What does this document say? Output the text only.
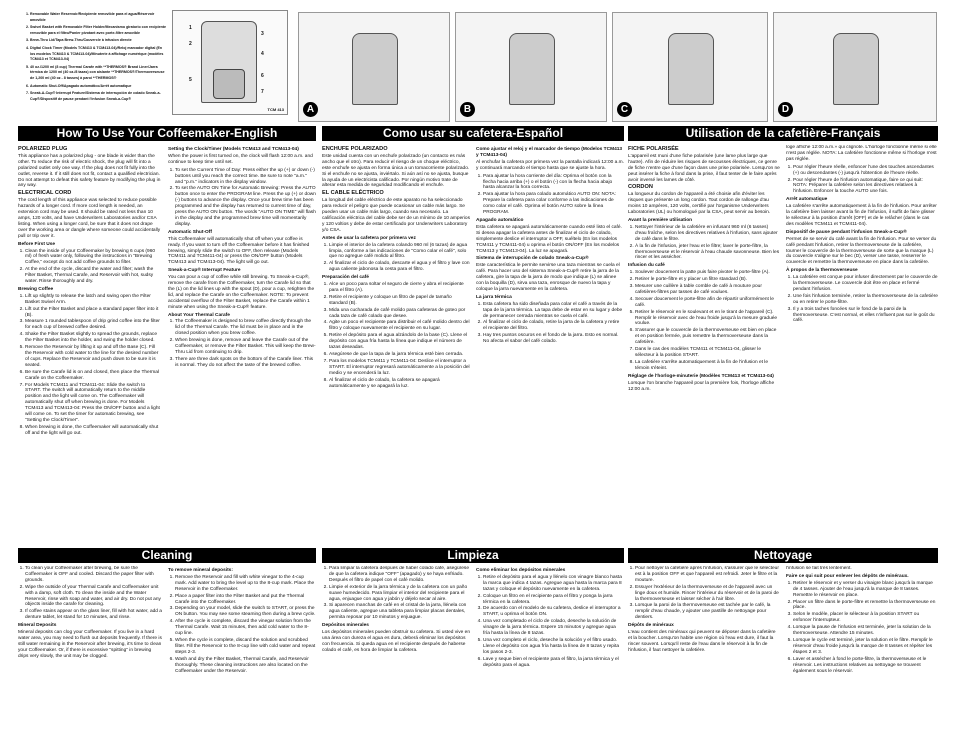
1. Removable Water Reservoir/Recipiente removible para el agua/Réservoir amovible
2. Swivel Basket with Removable Filter Holder/Mecanismo giratorio con recipiente removible para el filtro/Panier pivotant avec porte-filtre amovible
3. Brew-Thru Lid/Tapa Brew-Thru/Couvercle à infusion directe
4. Digital Clock Timer (Models TCM413 & TCM413-04)/Reloj marcador digital (En los modelos TCM413 & TCM413-04)/Minuterie à affichage numérique (modèles TCM413 et TCM413-04)
5. 40 oz./1200 ml (8 cup) Thermal Carafe with **THERMOS® Brand Liner/Jarra térmica de 1200 ml (40 oz./8 tazas) con aislante **THERMOS®/Thermoverseuse de 1,200 ml (40 oz - 8 tasses) à paroi **THERMOS®
6. Automatic Shut-Off/Apagado automático/Arrêt automatique
7. Sneak-A-Cup® Interrupt Feature/Sistema de interrupción de colado Sneak-a-Cup®/Dispositif de pause pendant l'infusion Sneak-a-Cup®
1
2
3
4
5
6
7
TCM 413	A	B	C	D
How To Use Your Coffeemaker-English	Como usar su cafetera-Español	Utilisation de la cafetière-Français
Cleaning	Limpieza	Nettoyage
POLARIZED PLUG

This appliance has a polarized plug - one blade is wider than the other. To reduce the risk of electric shock, the plug will fit into a polarized outlet only one way. If the plug does not fit fully into the outlet, reverse it. If it still does not fit, contact a qualified electrician. Do not attempt to defeat this safety feature by modifying the plug in any way.

ELECTRICAL CORD

The cord length of this appliance was selected to reduce possible hazards of a longer cord. If more cord length is needed, an extension cord may be used. It should be rated not less than 10 amps, 120 volts, and have Underwriters Laboratories and/or CSA listing. When using a longer cord, be sure that it does not drape over the working area or dangle where someone could accidentally pull or trip over it.

Before First Use
1. Clean the inside of your Coffeemaker by brewing 6 cups (960 ml) of fresh water only, following the instructions in "Brewing Coffee," except do not add coffee grounds to filter.
2. At the end of the cycle, discard the water and filter; wash the Filter Basket, Thermal Carafe, and Reservoir with hot, sudsy water. Rinse thoroughly and dry.
Brewing Coffee
1. Lift up slightly to release the latch and swing open the Filter Basket Swivel Arm.
2. Lift out the Filter Basket and place a standard paper filter into it (B).
3. Measure 1 rounded tablespoon of drip grind coffee into the filter for each cup of brewed coffee desired.
4. Shake the Filter Basket slightly to spread the grounds, replace the Filter Basket into the holder, and swing the holder closed.
5. Remove the Reservoir by lifting it up and off the Base (C). Fill the Reservoir with cold water to the line for the desired number of cups. Replace the Reservoir and push down to be sure it is seated.
6. Be sure the Carafe lid is on and closed, then place the Thermal Carafe on the Coffeemaker.
7. For Models TCM411 and TCM411-04: Slide the switch to START. The switch will automatically return to the middle position and the light will come on. The Coffeemaker will automatically shut off when brewing is done. For Models TCM413 and TCM413-04: Press the ON/OFF button and a light will come on. To set the timer for automatic brewing, see "Setting the Clock/Timer".
8. When brewing is done, the Coffeemaker will automatically shut off and the light will go out.
Setting the Clock/Timer (Models TCM413 and TCM413-04)

When the power is first turned on, the clock will flash 12:00 a.m. and continue to keep time until set.

1. To set the Current Time of Day: Press either the up (+) or down (-) buttons until you reach the correct time. Be sure to note "a.m." and "p.m." indicators in the display window.
2. To set the AUTO ON Time for Automatic Brewing: Press the AUTO button once to enter the PROGRAM line. Press the up (+) or down (-) buttons to advance the display. Once your brew time has been programmed and the display has returned to current time of day, press the AUTO ON button. The words "AUTO ON TIME" will flash in the display and the programmed brew time will momentarily display.
Automatic Shut-Off

This Coffeemaker will automatically shut off when your coffee is ready. If you want to turn off the Coffeemaker before it has finished brewing, simply slide the switch to OFF, then release (Models TCM411 and TCM411-04) or press the ON/OFF button (Models TCM413 and TCM413-04). The light will go out.

Sneak-a-Cup® Interrupt Feature

You can pour a cup of coffee while still brewing. To Sneak-a-Cup®, remove the carafe from the Coffeemaker, turn the Carafe lid so that the (L) on the lid lines up with the spout (D), pour a cup, retighten the lid, and replace the Carafe on the Coffeemaker. NOTE: To prevent accidental overflow of the Filter Basket, replace the Carafe within 1 minute when using the Sneak-a-Cup® feature.

About Your Thermal Carafe
1. The Coffeemaker is designed to brew coffee directly through the lid of the Thermal Carafe. The lid must be in place and in the closed position when you brew coffee.
2. When brewing is done, remove and leave the Carafe out of the Coffeemaker, or remove the Filter Basket. This will keep the Brew-Thru Lid from continuing to drip.
3. There are three dark spots on the bottom of the Carafe liner. This is normal. They do not affect the taste of the brewed coffee.
ENCHUFE POLARIZADO

Este unidad cuenta con un enchufe polarizado (un contacto es más ancho que el otro). Para reducir el riesgo de un choque eléctrico, este enchufe se ajusta en forma única a un tomacorriente polarizado. Si el enchufe no se ajusta, inviértalo. Si aún así no se ajusta, busque la ayuda de un electricista calificado. Por ningún motivo trate de alterar esta medida de seguridad modificando el enchufe.

EL CABLE ELÉCTRICO

La longitud del cable eléctrico de este aparato no ha seleccionado para reducir el peligro que puede ocasionar un cable más largo. Se pueden usar un cable más largo, cuando sea necesario. La calificación eléctrica del cable debe ser de un mínimo de 10 amperios y 120 voltios y debe de estar certificado por Underwriters Laboratory y/o CSA.

Antes de usar la cafetera por primera vez
1. Limpie el interior de la cafetera colando 960 ml (6 tazas) de agua limpia, conforme a las indicaciones de "Como colar el café", solo que no agregue café molido al filtro.
2. Al finalizar el ciclo de colado, descarte el agua y el filtro y lave con agua caliente jabonosa la cesta para el filtro.
Preparación del café
1. Alce un poco para soltar el seguro de cierre y abra el recipiente para el filtro (A).
2. Retire el recipiente y coloque un filtro de papel de tamaño standard (B).
3. Mida una cucharada de café molido para cafeteras de goteo por cada taza de café colado que desee.
4. Agite un poco el recipiente para distribuir el café molido dentro del filtro y coloque nuevamente el recipiente en su lugar.
5. Retire el depósito para el agua alzándolo de la base (C). Llene el depósito con agua fría hasta la línea que indique el número de tazas deseadas.
6. Asegúrese de que la tapa de la jarra térmica esté bien cerrada.
7. Para los modelos TCM411 y TCM411-04: Deslice el interruptor a START. El interruptor regresará automáticamente a la posición del medio y se encenderá la luz.
8. Al finalizar el ciclo de colado, la cafetera se apagará automáticamente y se apagará la luz.
Como ajustar el reloj y el marcador de tiempo (Modelos TCM413 y TCM413-04)

Al enchufar la cafetera por primera vez la pantalla indicará 12:00 a.m. y continuará marcando el tiempo hasta que se ajuste la hora.

1. Para ajustar la hora corriente del día: Oprima el botón con la flecha hacia arriba (+) o el botón (-) con la flecha hacia abajo hasta alcanzar la hora correcta.
2. Para ajustar la hora para colado automático AUTO ON: NOTA: Prepare la cafetera para colar conforme a las indicaciones de como colar el café. Oprima el botón AUTO sobre la línea PROGRAM.
Apagado automático

Esta cafetera se apagará automáticamente cuando esté listo el café. Si desea apagar la cafetera antes de finalizar el ciclo de colado, simplemente deslice el interruptor a OFF, suéltelo (En los modelos TCM411 y TCM411-04) u oprima el botón ON/OFF (En los modelos TCM413 y TCM413-04). La luz se apagará.

Sistema de interrupción de colado Sneak-a-Cup®

Este característica le permite servirse una taza mientras se cuela el café. Para hacer uso del sistema Sneak-a-Cup® retire la jarra de la cafetera, gire la tapa de la jarra de modo que indique (L) se alinee con la boquilla (D), sirva una taza, enrosque de nuevo la tapa y coloque la jarra nuevamente en la cafetera.

La jarra térmica
1. Esta cafetera ha sido diseñada para colar el café a través de la tapa de la jarra térmica. La tapa debe de estar en su lugar y debe de permanecer cerrada mientras se cuela el café.
2. Al finalizar el ciclo de colado, retire la jarra de la cafetera y retire el recipiente del filtro.
3. Hay tres puntos oscuros en el fondo de la jarra. Esto es normal. No afecta el sabor del café colado.
FICHE POLARISÉE

L'appareil est muni d'une fiche polarisée (une lame plus large que l'autre). Afin de réduire les risques de secousses électriques, ce genre de fiche n'entre que d'une façon dans une prise polarisée. Lorsqu'on ne peut insérer la fiche à fond dans la prise, il faut tenter de le faire après avoir inversé les lames de côté.

CORDON

La longueur du cordon de l'appareil a été choisie afin d'éviter les risques que présente un long cordon. Tout cordon de rallonge d'au moins 10 ampères, 120 volts, certifié par l'organisme Underwriters Laboratories (UL) ou homologué par la CSA, peut servir au besoin.

Avant la première utilisation
1. Nettoyer l'intérieur de la cafetière en infusant 960 ml (6 tasses) d'eau fraîche, selon les directives relatives à l'infusion, sans ajouter de café dans le filtre.
2. À la fin de l'infusion, jeter l'eau et le filtre; laver le porte-filtre, la thermoverseuse et le réservoir à l'eau chaude savonneuse. Bien les rincer et les assécher.
Infusion du café
1. Soulever doucement la patte puis faire pivoter le porte-filtre (A).
2. Retirer le porte-filtre et y placer un filtre standard (B).
3. Mesurer une cuillère à table comble de café à mouture pour cafetières-filtres par tasses de café voulues.
4. Secouer doucement le porte-filtre afin de répartir uniformément le café.
5. Retirer le réservoir en le soulevant et en le tirant de l'appareil (C). Remplir le réservoir avec de l'eau froide jusqu'à la mesure graduée voulue.
6. S'assurer que le couvercle de la thermoverseuse est bien en place et en position fermée, puis remettre la thermoverseuse dans la cafetière.
7. Dans le cas des modèles TCM411 et TCM411-04, glisser le sélecteur à la position START.
8. La cafetière s'arrête automatiquement à la fin de l'infusion et le témoin s'éteint.
Réglage de l'horloge-minuterie (Modèles TCM413 et TCM413-04)

Lorsque l'on branche l'appareil pour la première fois, l'horloge affiche 12:00 a.m.

loge affiche 12:00 a.m.» qui clignote. L'horloge fonctionne même si elle n'est pas réglée. NOTA: La cafetière fonctionne même si l'horloge n'est pas réglée.

1. Pour régler l'heure réelle, enfoncer l'une des touches ascendantes (+) ou descendantes (-) jusqu'à l'obtention de l'heure réelle.
2. Pour régler l'heure de l'infusion automatique, faire ce qui suit: NOTA: Préparer la cafetière selon les directives relatives à l'infusion. Enfoncer la touche AUTO une fois.
Arrêt automatique

La cafetière s'arrête automatiquement à la fin de l'infusion. Pour arrêter la cafetière bien laisser avant la fin de l'infusion, il suffit de faire glisser le sélecteur à la position d'arrêt (OFF) et de le relâcher (dans le cas des modèles TCM411 et TCM411-04).

Dispositif de pause pendant l'infusion Sneak-a-Cup®

Permet de se servir du café avant la fin de l'infusion. Pour se verser du café pendant l'infusion, retirer la thermoverseuse de la cafetière, tourner le couvercle de la thermoverseuse de sorte que la marque (L) du couvercle s'aligne sur le bec (D), verser une tasse, resserrer le couvercle et remettre la thermoverseuse en place dans la cafetière.

À propos de la thermoverseuse
1. La cafetière est conçue pour infuser directement par le couvercle de la thermoverseuse. Le couvercle doit être en place et fermé pendant l'infusion.
2. Une fois l'infusion terminée, retirer la thermoverseuse de la cafetière ou en retirer le porte-filtre.
3. Il y a trois taches foncées sur le fond de la paroi de la thermoverseuse. C'est normal, et elles n'influent pas sur le goût du café.
1. To clean your Coffeemaker after brewing, be sure the Coffeemaker is OFF and cooled. Discard the paper filter with grounds.
2. Wipe the outside of your Thermal Carafe and Coffeemaker unit with a damp, soft cloth. To clean the inside and the Water Reservoir, rinse with soap and water, and air dry. Do not put any objects inside the carafe for cleaning.
3. If coffee stains appear on the glass liner, fill with hot water, add a denture tablet, let stand for 10 minutes, and rinse.
Mineral Deposits

Mineral deposits can clog your Coffeemaker. If you live in a hard water area, you may need to flush out deposits frequently. If there is still water remaining in the Reservoir after brewing, it's time to clean your Coffeemaker. Or, if there is excessive "spitting" in brewing drips very slowly, the unit may be clogged.

To remove mineral deposits:
1. Remove the Reservoir and fill with white vinegar to the 4-cup mark. Add water to bring the level up to the 8-cup mark. Place the Reservoir in the Coffeemaker.
2. Place a paper filter into the Filter Basket and put the Thermal Carafe into the Coffeemaker.
3. Depending on your model, slide the switch to START, or press the ON button. You may see some steaming then during a brew cycle.
4. After the cycle is complete, discard the vinegar solution from the Thermal Carafe. Wait 15 minutes, then add cold water to the 8-cup line.
5. When the cycle is complete, discard the solution and scrubbed filter. Fill the Reservoir to the 8-cup line with cold water and repeat steps 2-3.
6. Wash and dry the Filter Basket, Thermal Carafe, and Reservoir thoroughly. These cleaning instructions are also located on the Coffeemaker under the Reservoir.
1. Para limpiar la cafetera después de haber colado café, asegúrese de que la cafetera indique "OFF" (apagado) y se haya enfriado. Después el filtro de papel con el café molido.
2. Limpie el exterior de la jarra térmica y de la cafetera con un paño suave humedecido. Para limpiar el interior del recipiente para el agua, enjuague con agua y jabón y déjelo secar al aire.
3. Si aparecen manchas de café en el cristal de la jarra, llénela con agua caliente, agregue una tableta para limpiar placas dentales, permita reposar por 10 minutos y enjuague.
Depósitos minerales

Los depósitos minerales pueden obstruir su cafetera. Si usted vive en una área con dureza el agua es dura, deberá eliminar los depósitos con frecuencia. Si queda agua en el recipiente después de haberse colado el café, es hora de limpiar la cafetera.

Como eliminar los depósitos minerales
1. Retire el depósito para el agua y llénelo con vinagre blanco hasta la marca que indica 4 tazas. Agregue agua hasta la marca para 8 tazas y coloque el depósito nuevamente en la cafetera.
2. Coloque un filtro en el recipiente para el filtro y ponga la jarra térmica en la cafetera.
3. De acuerdo con el modelo de su cafetera, deslice el interruptor a START, u oprima el botón ON.
4. Una vez completado el ciclo de colado, deseche la solución de vinagre de la jarra térmica. Espere 15 minutos y agregue agua fría hasta la línea de 8 tazas.
5. Una vez completo el ciclo, deseche la solución y el filtro usado. Llene el depósito con agua fría hasta la línea de 8 tazas y repita los pasos 2-3.
6. Lave y seque bien el recipiente para el filtro, la jarra térmica y el depósito para el agua.
1. Pour nettoyer la cafetière après l'infusion, s'assurer que le sélecteur est à la position OFF et que l'appareil est refroidi. Jeter le filtre et la mouture.
2. Essuyer l'extérieur de la thermoverseuse et de l'appareil avec un linge doux et humide. Rincer l'intérieur du réservoir et de la paroi de la thermoverseuse et laisser sécher à l'air libre.
3. Lorsque la paroi de la thermoverseuse est tachée par le café, la remplir d'eau chaude, y ajouter une pastille de nettoyage pour dentiers.
Dépôts de minéraux

L'eau contient des minéraux qui peuvent se déposer dans la cafetière et la boucher. Lorsqu'on habite une région où l'eau est dure, il faut la rincer souvent. Lorsqu'il reste de l'eau dans le réservoir à la fin de l'infusion, il faut nettoyer la cafetière.

l'infusion se fait très lentement.

Faire ce qui suit pour enlever les dépôts de minéraux.
1. Retirer le réservoir et y verser du vinaigre blanc jusqu'à la marque de 4 tasses. Ajouter de l'eau jusqu'à la marque de 8 tasses. Remettre le réservoir en place.
2. Placer un filtre dans le porte-filtre et remettre la thermoverseuse en place.
3. Selon le modèle, placer le sélecteur à la position START ou enfoncer l'interrupteur.
4. Lorsque la pause de l'infusion est terminée, jeter la solution de la thermoverseuse. Attendre 15 minutes.
5. Lorsque le cycle est terminé, jeter la solution et le filtre. Remplir le réservoir d'eau froide jusqu'à la marque de 8 tasses et répéter les étapes 2 et 3.
6. Laver et assécher à fond le porte-filtre, la thermoverseuse et le réservoir. Les instructions relatives au nettoyage se trouvent également sous le réservoir.
